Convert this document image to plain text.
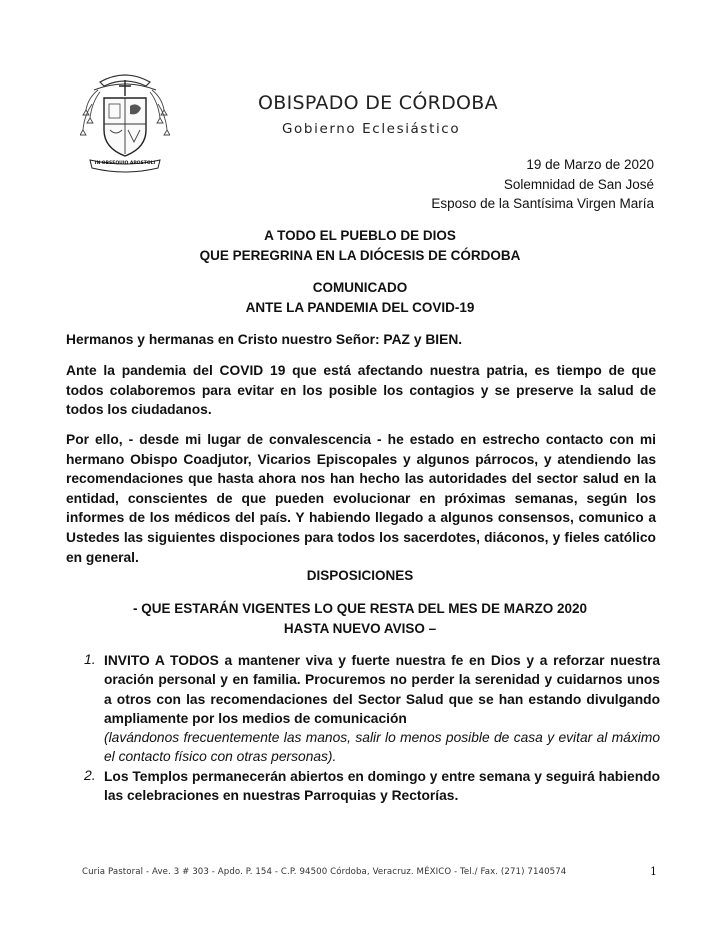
IN OBSEQUIO APOSTOLI
OBISPADO DE CÓRDOBA
Gobierno Eclesiástico
19 de Marzo de 2020
Solemnidad de San José
Esposo de la Santísima Virgen María
A TODO EL PUEBLO DE DIOS
QUE PEREGRINA EN LA DIÓCESIS DE CÓRDOBA
COMUNICADO
ANTE LA PANDEMIA DEL COVID-19

Hermanos y hermanas en Cristo nuestro Señor: PAZ y BIEN.

Ante la pandemia del COVID 19 que está afectando nuestra patria, es tiempo de que todos colaboremos para evitar en los posible los contagios y se preserve la salud de todos los ciudadanos.

Por ello, - desde mi lugar de convalescencia - he estado en estrecho contacto con mi hermano Obispo Coadjutor, Vicarios Episcopales y algunos párrocos, y atendiendo las recomendaciones que hasta ahora nos han hecho las autoridades del sector salud en la entidad, conscientes de que pueden evolucionar en próximas semanas, según los informes de los médicos del país. Y habiendo llegado a algunos consensos, comunico a Ustedes las siguientes dispociones para todos los sacerdotes, diáconos, y fieles católico en general.

DISPOSICIONES
- QUE ESTARÁN VIGENTES LO QUE RESTA DEL MES DE MARZO 2020
HASTA NUEVO AVISO –
1. INVITO A TODOS a mantener viva y fuerte nuestra fe en Dios y a reforzar nuestra oración personal y en familia. Procuremos no perder la serenidad y cuidarnos unos a otros con las recomendaciones del Sector Salud que se han estando divulgando ampliamente por los medios de comunicación

(lavándonos frecuentemente las manos, salir lo menos posible de casa y evitar al máximo el contacto físico con otras personas).

2. Los Templos permanecerán abiertos en domingo y entre semana y seguirá habiendo las celebraciones en nuestras Parroquias y Rectorías.

Curia Pastoral - Ave. 3 # 303 - Apdo. P. 154 - C.P. 94500 Córdoba, Veracruz. MÉXICO - Tel./ Fax. (271) 7140574	1
